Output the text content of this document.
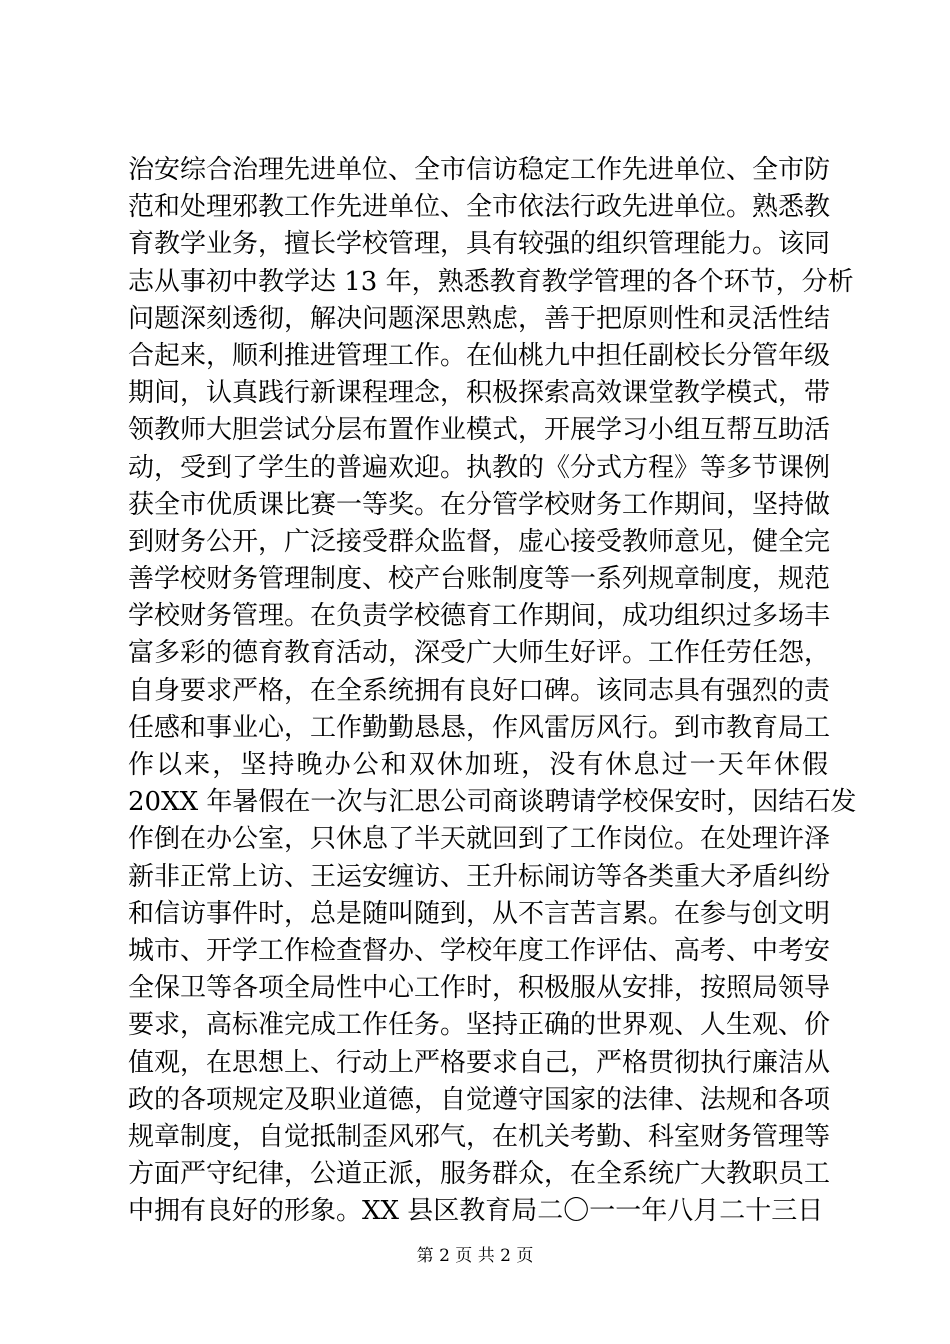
治安综合治理先进单位、全市信访稳定工作先进单位、全市防
范和处理邪教工作先进单位、全市依法行政先进单位。熟悉教
育教学业务，擅长学校管理，具有较强的组织管理能力。该同
志从事初中教学达 13 年，熟悉教育教学管理的各个环节，分析
问题深刻透彻，解决问题深思熟虑，善于把原则性和灵活性结
合起来，顺利推进管理工作。在仙桃九中担任副校长分管年级
期间，认真践行新课程理念，积极探索高效课堂教学模式，带
领教师大胆尝试分层布置作业模式，开展学习小组互帮互助活
动，受到了学生的普遍欢迎。执教的《分式方程》等多节课例
获全市优质课比赛一等奖。在分管学校财务工作期间，坚持做
到财务公开，广泛接受群众监督，虚心接受教师意见，健全完
善学校财务管理制度、校产台账制度等一系列规章制度，规范
学校财务管理。在负责学校德育工作期间，成功组织过多场丰
富多彩的德育教育活动，深受广大师生好评。工作任劳任怨，
自身要求严格，在全系统拥有良好口碑。该同志具有强烈的责
任感和事业心，工作勤勤恳恳，作风雷厉风行。到市教育局工
作以来，坚持晚办公和双休加班，没有休息过一天年休假
20XX 年暑假在一次与汇思公司商谈聘请学校保安时，因结石发
作倒在办公室，只休息了半天就回到了工作岗位。在处理许泽
新非正常上访、王运安缠访、王升标闹访等各类重大矛盾纠纷
和信访事件时，总是随叫随到，从不言苦言累。在参与创文明
城市、开学工作检查督办、学校年度工作评估、高考、中考安
全保卫等各项全局性中心工作时，积极服从安排，按照局领导
要求，高标准完成工作任务。坚持正确的世界观、人生观、价
值观，在思想上、行动上严格要求自己，严格贯彻执行廉洁从
政的各项规定及职业道德，自觉遵守国家的法律、法规和各项
规章制度，自觉抵制歪风邪气，在机关考勤、科室财务管理等
方面严守纪律，公道正派，服务群众，在全系统广大教职员工
中拥有良好的形象。XX 县区教育局二〇一一年八月二十三日
第 2 页 共 2 页
